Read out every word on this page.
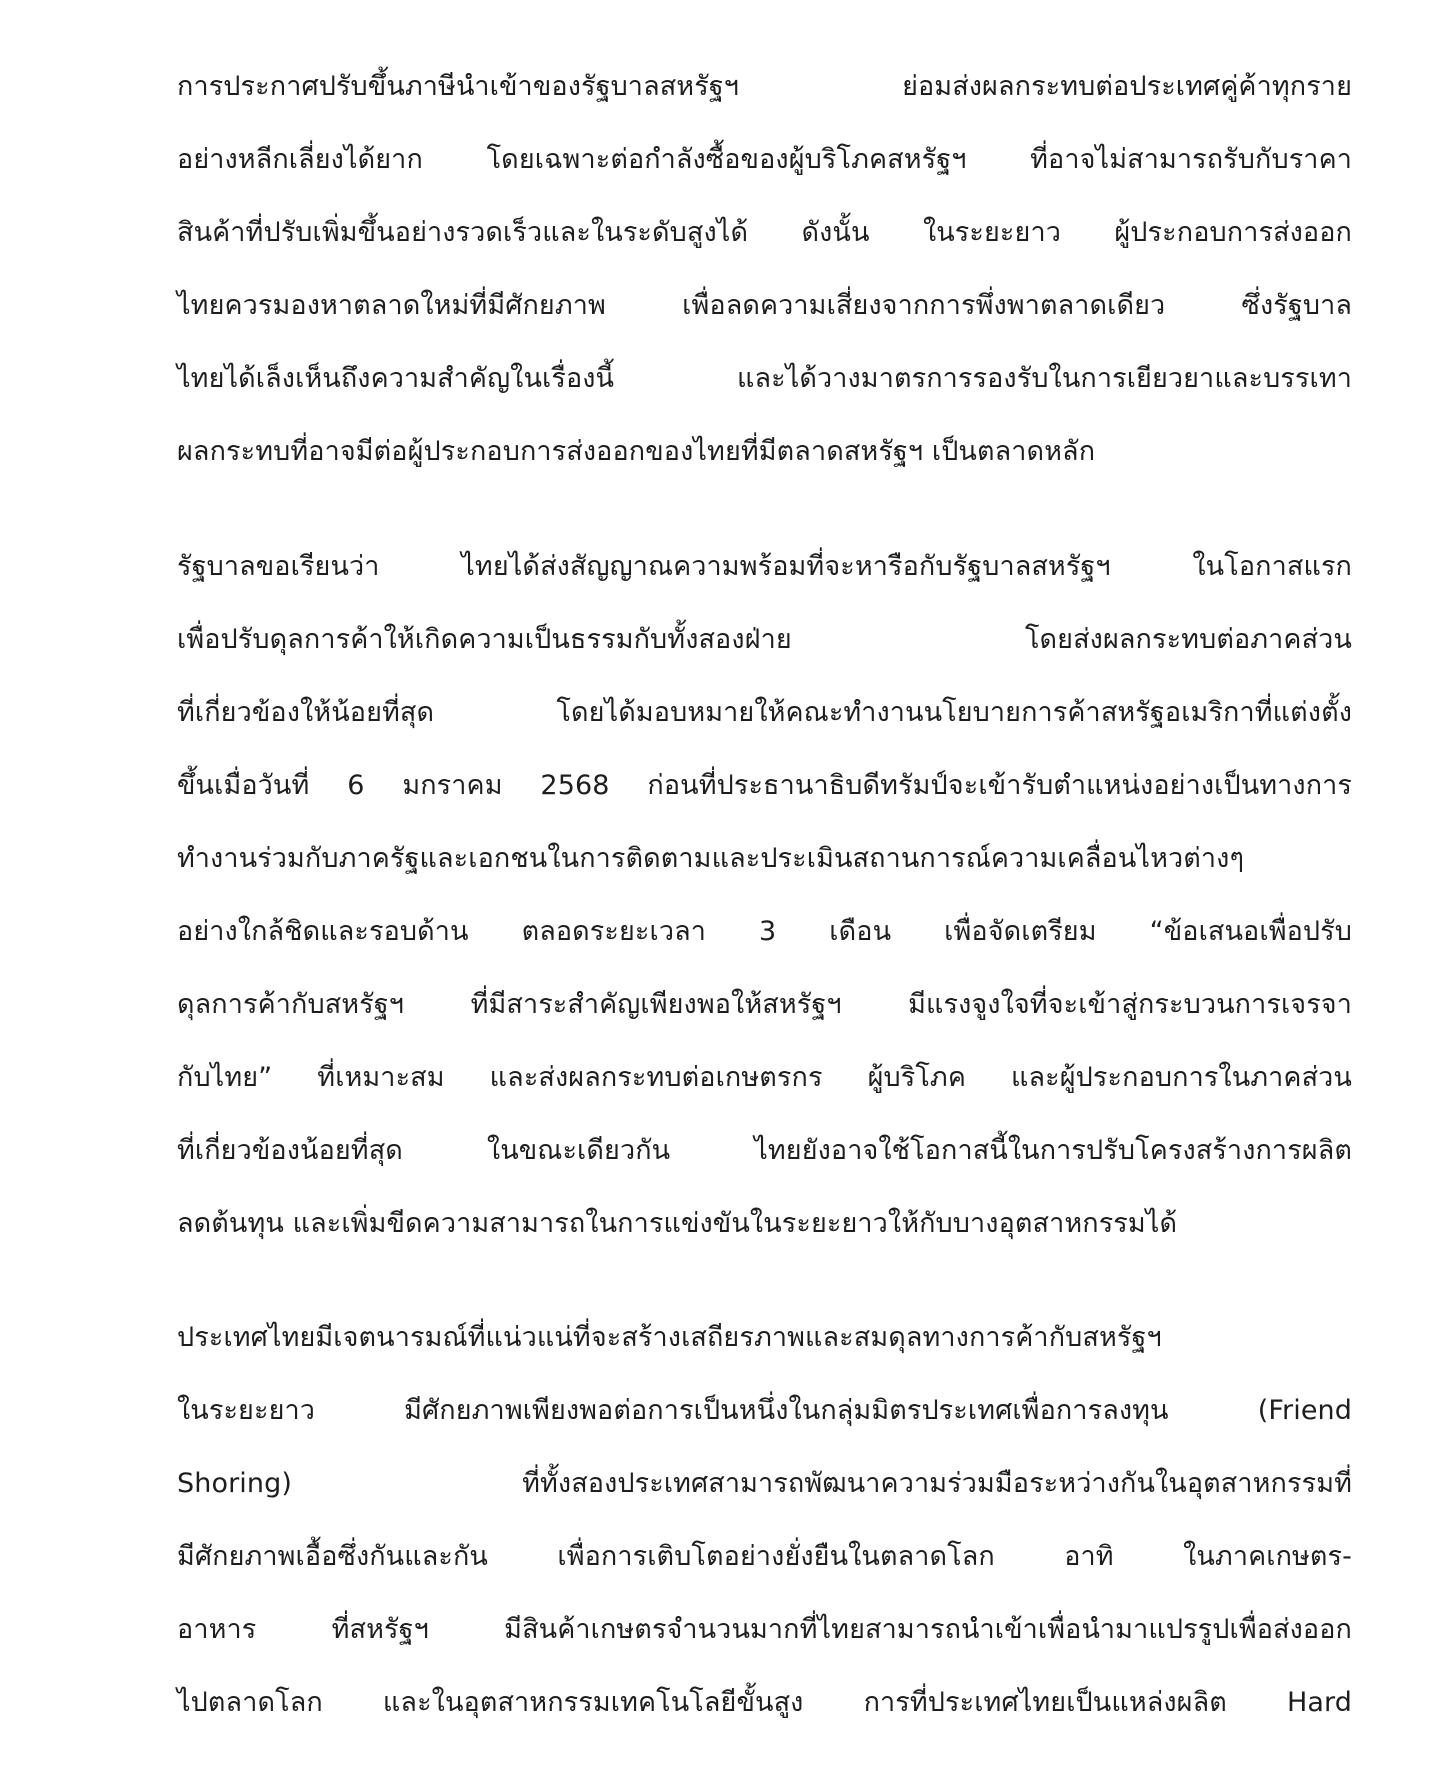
การประกาศปรับขึ้นภาษีนำเข้าของรัฐบาลสหรัฐฯ ย่อมส่งผลกระทบต่อประเทศคู่ค้าทุกราย
อย่างหลีกเลี่ยงได้ยาก โดยเฉพาะต่อกำลังซื้อของผู้บริโภคสหรัฐฯ ที่อาจไม่สามารถรับกับราคา
สินค้าที่ปรับเพิ่มขึ้นอย่างรวดเร็วและในระดับสูงได้ ดังนั้น ในระยะยาว ผู้ประกอบการส่งออก
ไทยควรมองหาตลาดใหม่ที่มีศักยภาพ เพื่อลดความเสี่ยงจากการพึ่งพาตลาดเดียว ซึ่งรัฐบาล
ไทยได้เล็งเห็นถึงความสำคัญในเรื่องนี้ และได้วางมาตรการรองรับในการเยียวยาและบรรเทา
ผลกระทบที่อาจมีต่อผู้ประกอบการส่งออกของไทยที่มีตลาดสหรัฐฯ เป็นตลาดหลัก
รัฐบาลขอเรียนว่า ไทยได้ส่งสัญญาณความพร้อมที่จะหารือกับรัฐบาลสหรัฐฯ ในโอกาสแรก
เพื่อปรับดุลการค้าให้เกิดความเป็นธรรมกับทั้งสองฝ่าย โดยส่งผลกระทบต่อภาคส่วน
ที่เกี่ยวข้องให้น้อยที่สุด โดยได้มอบหมายให้คณะทำงานนโยบายการค้าสหรัฐอเมริกาที่แต่งตั้ง
ขึ้นเมื่อวันที่ 6 มกราคม 2568 ก่อนที่ประธานาธิบดีทรัมป์จะเข้ารับตำแหน่งอย่างเป็นทางการ
ทำงานร่วมกับภาครัฐและเอกชนในการติดตามและประเมินสถานการณ์ความเคลื่อนไหวต่างๆ
อย่างใกล้ชิดและรอบด้าน ตลอดระยะเวลา 3 เดือน เพื่อจัดเตรียม “ข้อเสนอเพื่อปรับ
ดุลการค้ากับสหรัฐฯ ที่มีสาระสำคัญเพียงพอให้สหรัฐฯ มีแรงจูงใจที่จะเข้าสู่กระบวนการเจรจา
กับไทย” ที่เหมาะสม และส่งผลกระทบต่อเกษตรกร ผู้บริโภค และผู้ประกอบการในภาคส่วน
ที่เกี่ยวข้องน้อยที่สุด ในขณะเดียวกัน ไทยยังอาจใช้โอกาสนี้ในการปรับโครงสร้างการผลิต
ลดต้นทุน และเพิ่มขีดความสามารถในการแข่งขันในระยะยาวให้กับบางอุตสาหกรรมได้
ประเทศไทยมีเจตนารมณ์ที่แน่วแน่ที่จะสร้างเสถียรภาพและสมดุลทางการค้ากับสหรัฐฯ
ในระยะยาว มีศักยภาพเพียงพอต่อการเป็นหนึ่งในกลุ่มมิตรประเทศเพื่อการลงทุน (Friend
Shoring) ที่ทั้งสองประเทศสามารถพัฒนาความร่วมมือระหว่างกันในอุตสาหกรรมที่
มีศักยภาพเอื้อซึ่งกันและกัน เพื่อการเติบโตอย่างยั่งยืนในตลาดโลก อาทิ ในภาคเกษตร-
อาหาร ที่สหรัฐฯ มีสินค้าเกษตรจำนวนมากที่ไทยสามารถนำเข้าเพื่อนำมาแปรรูปเพื่อส่งออก
ไปตลาดโลก และในอุตสาหกรรมเทคโนโลยีขั้นสูง การที่ประเทศไทยเป็นแหล่งผลิต Hard
